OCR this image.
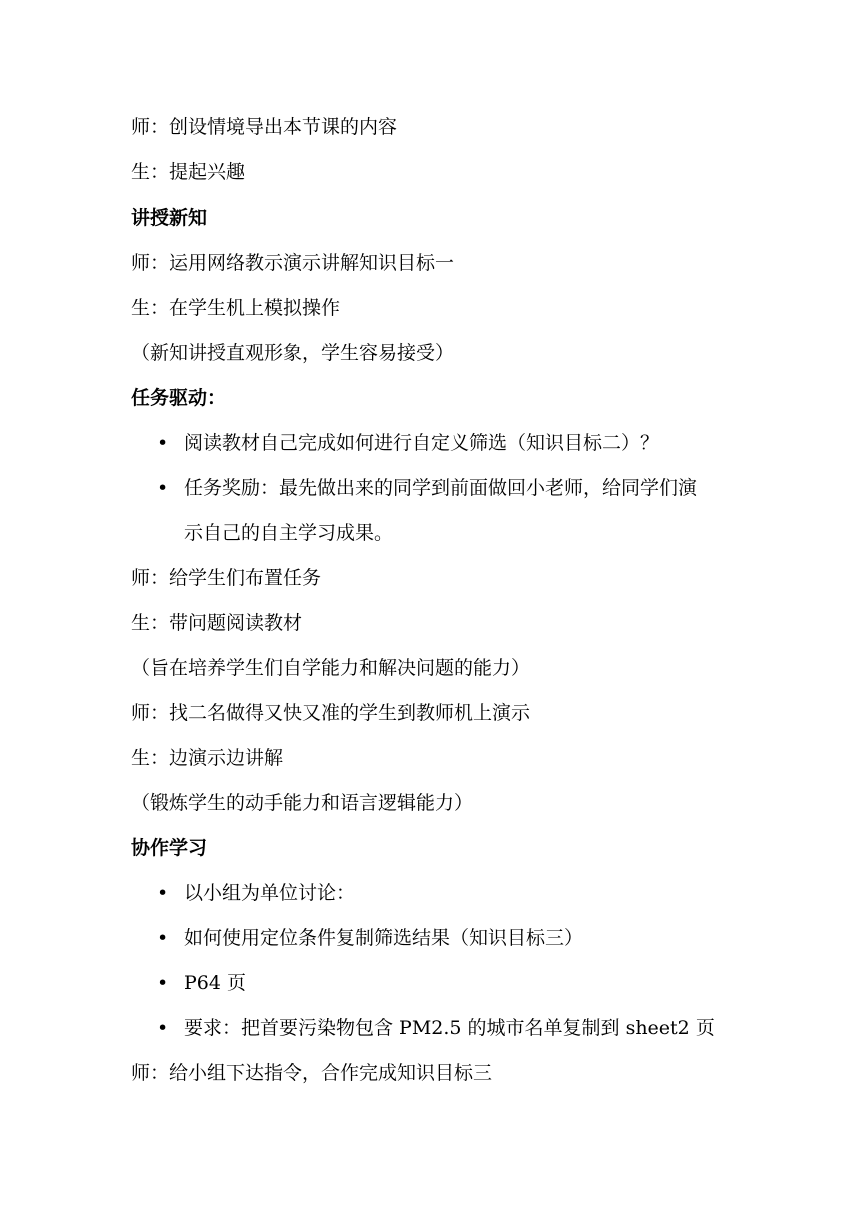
师：创设情境导出本节课的内容
生：提起兴趣
讲授新知
师：运用网络教示演示讲解知识目标一
生：在学生机上模拟操作
（新知讲授直观形象，学生容易接受）
任务驱动：
• 阅读教材自己完成如何进行自定义筛选（知识目标二）？
• 任务奖励：最先做出来的同学到前面做回小老师，给同学们演
示自己的自主学习成果。
师：给学生们布置任务
生：带问题阅读教材
（旨在培养学生们自学能力和解决问题的能力）
师：找二名做得又快又准的学生到教师机上演示
生：边演示边讲解
（锻炼学生的动手能力和语言逻辑能力）
协作学习
• 以小组为单位讨论：
• 如何使用定位条件复制筛选结果（知识目标三）
• P64 页
• 要求：把首要污染物包含 PM2.5 的城市名单复制到 sheet2 页
师：给小组下达指令，合作完成知识目标三
